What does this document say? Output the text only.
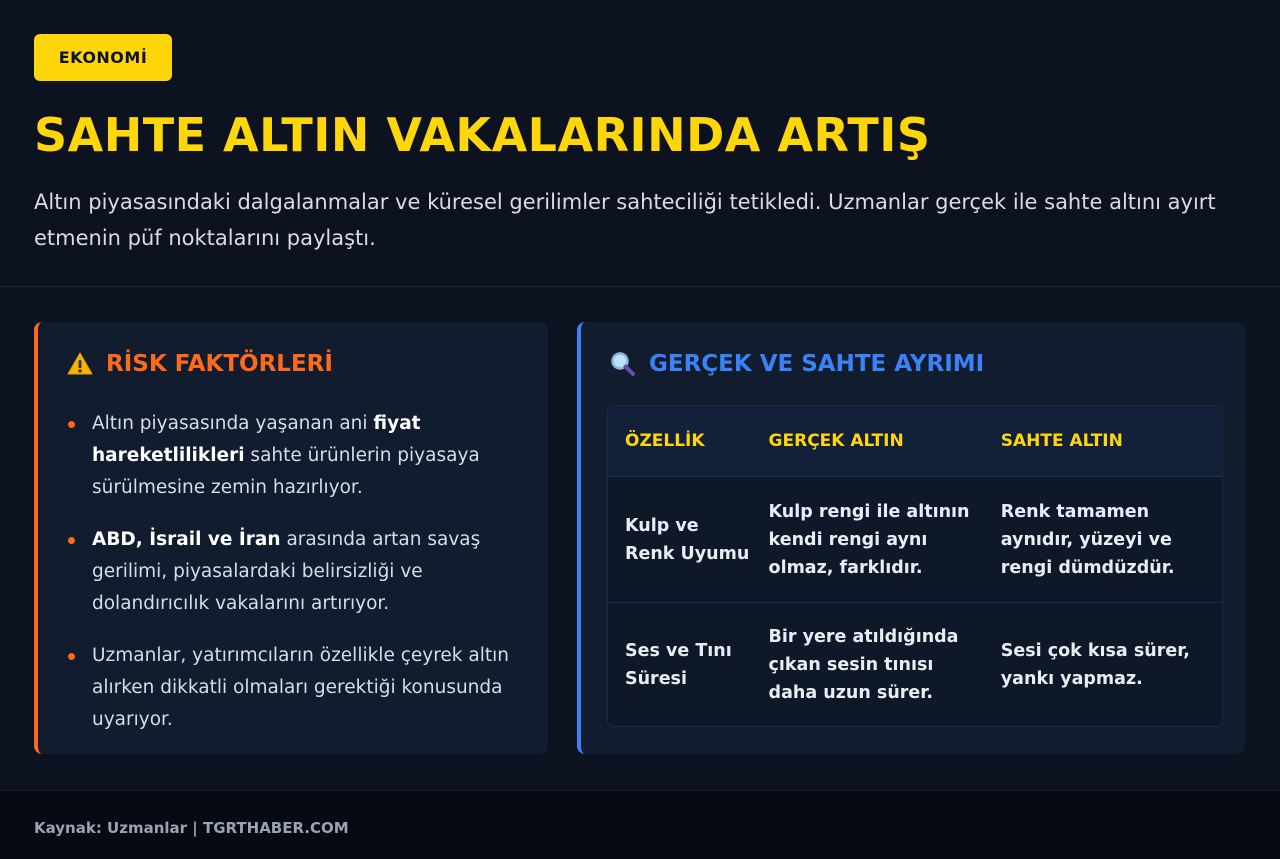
EKONOMİ
SAHTE ALTIN VAKALARINDA ARTIŞ

Altın piyasasındaki dalgalanmalar ve küresel gerilimler sahteciliği tetikledi. Uzmanlar gerçek ile sahte altını ayırt etmenin püf noktalarını paylaştı.

RİSK FAKTÖRLERİ
Altın piyasasında yaşanan ani fiyat hareketlilikleri sahte ürünlerin piyasaya sürülmesine zemin hazırlıyor.
ABD, İsrail ve İran arasında artan savaş gerilimi, piyasalardaki belirsizliği ve dolandırıcılık vakalarını artırıyor.
Uzmanlar, yatırımcıların özellikle çeyrek altın alırken dikkatli olmaları gerektiği konusunda uyarıyor.
GERÇEK VE SAHTE AYRIMI
ÖZELLİK	GERÇEK ALTIN	SAHTE ALTIN
Kulp ve Renk Uyumu
Kulp rengi ile altının kendi rengi aynı olmaz, farklıdır.
Renk tamamen aynıdır, yüzeyi ve rengi dümdüzdür.
Ses ve Tını Süresi
Bir yere atıldığında çıkan sesin tınısı daha uzun sürer.
Sesi çok kısa sürer, yankı yapmaz.
Kaynak: Uzmanlar | TGRTHABER.COM
